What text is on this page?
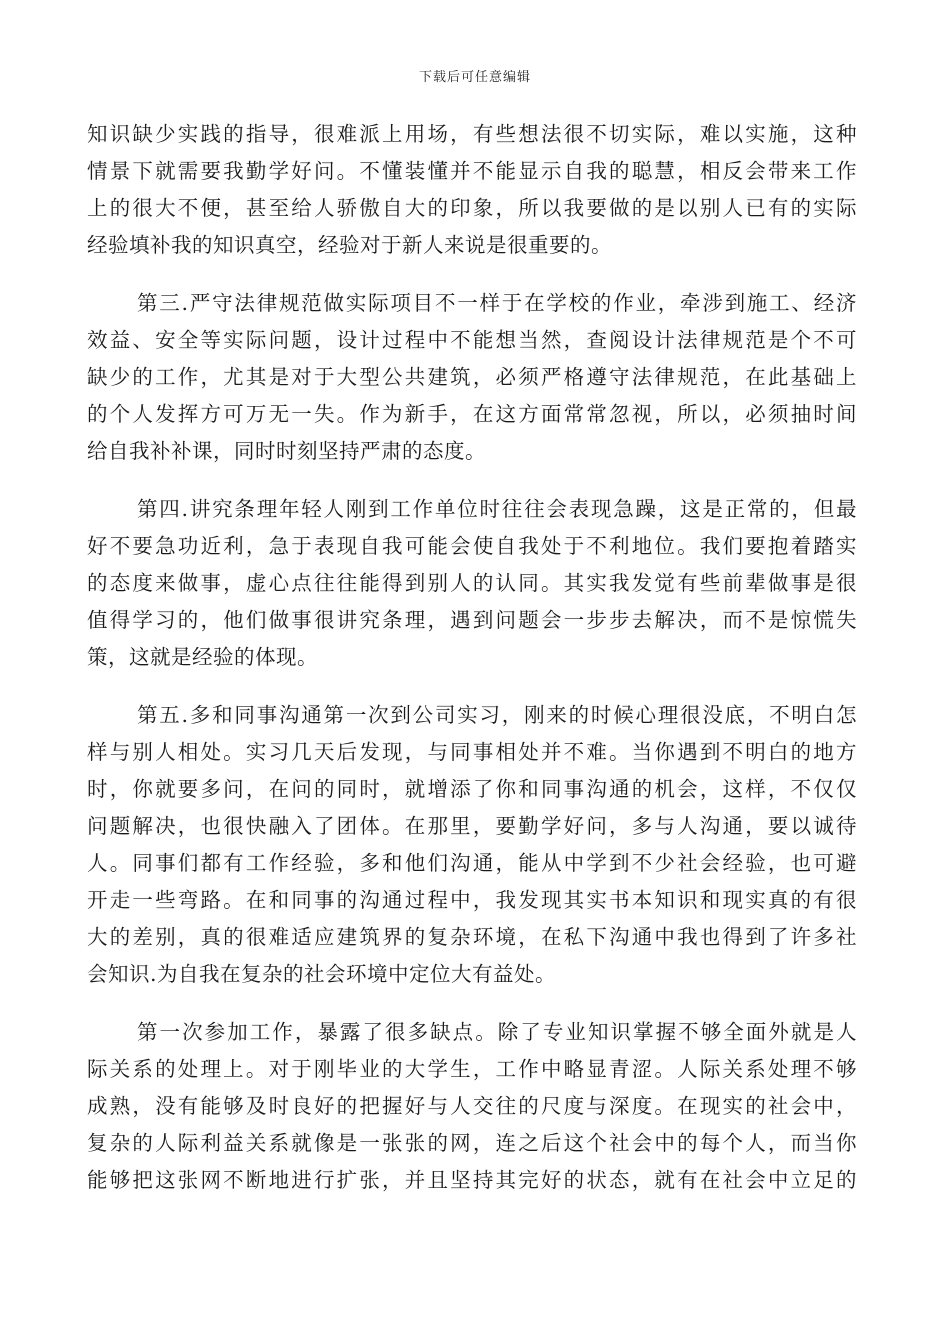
下载后可任意编辑
知识缺少实践的指导，很难派上用场，有些想法很不切实际，难以实施，这种
情景下就需要我勤学好问。不懂装懂并不能显示自我的聪慧，相反会带来工作
上的很大不便，甚至给人骄傲自大的印象，所以我要做的是以别人已有的实际
经验填补我的知识真空，经验对于新人来说是很重要的。
第三.严守法律规范做实际项目不一样于在学校的作业，牵涉到施工、经济
效益、安全等实际问题，设计过程中不能想当然，查阅设计法律规范是个不可
缺少的工作，尤其是对于大型公共建筑，必须严格遵守法律规范，在此基础上
的个人发挥方可万无一失。作为新手，在这方面常常忽视，所以，必须抽时间
给自我补补课，同时时刻坚持严肃的态度。
第四.讲究条理年轻人刚到工作单位时往往会表现急躁，这是正常的，但最
好不要急功近利，急于表现自我可能会使自我处于不利地位。我们要抱着踏实
的态度来做事，虚心点往往能得到别人的认同。其实我发觉有些前辈做事是很
值得学习的，他们做事很讲究条理，遇到问题会一步步去解决，而不是惊慌失
策，这就是经验的体现。
第五.多和同事沟通第一次到公司实习，刚来的时候心理很没底，不明白怎
样与别人相处。实习几天后发现，与同事相处并不难。当你遇到不明白的地方
时，你就要多问，在问的同时，就增添了你和同事沟通的机会，这样，不仅仅
问题解决，也很快融入了团体。在那里，要勤学好问，多与人沟通，要以诚待
人。同事们都有工作经验，多和他们沟通，能从中学到不少社会经验，也可避
开走一些弯路。在和同事的沟通过程中，我发现其实书本知识和现实真的有很
大的差别，真的很难适应建筑界的复杂环境，在私下沟通中我也得到了许多社
会知识.为自我在复杂的社会环境中定位大有益处。
第一次参加工作，暴露了很多缺点。除了专业知识掌握不够全面外就是人
际关系的处理上。对于刚毕业的大学生，工作中略显青涩。人际关系处理不够
成熟，没有能够及时良好的把握好与人交往的尺度与深度。在现实的社会中，
复杂的人际利益关系就像是一张张的网，连之后这个社会中的每个人，而当你
能够把这张网不断地进行扩张，并且坚持其完好的状态，就有在社会中立足的
